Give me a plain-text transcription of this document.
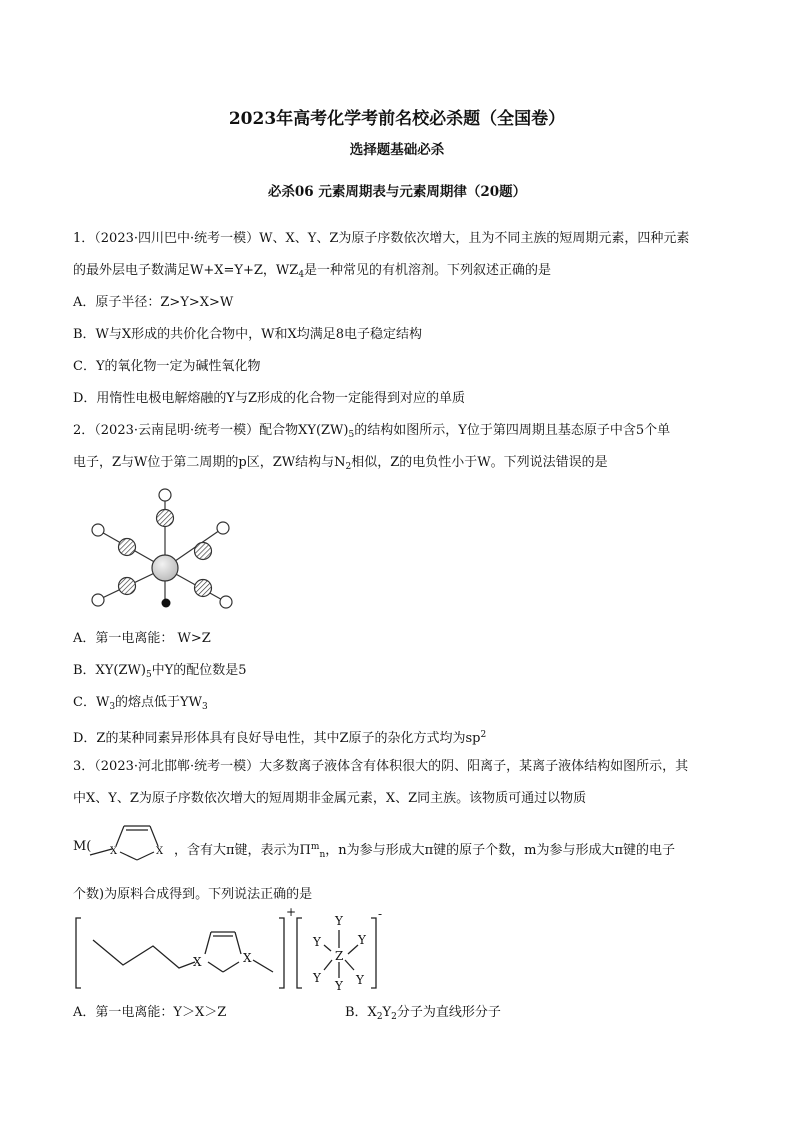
2023年高考化学考前名校必杀题（全国卷）
选择题基础必杀
必杀06 元素周期表与元素周期律（20题）
1．（2023·四川巴中·统考一模）W、X、Y、Z为原子序数依次增大，且为不同主族的短周期元素，四种元素
的最外层电子数满足W+X=Y+Z，$WZ_4$是一种常见的有机溶剂。下列叙述正确的是
A．原子半径：Z>Y>X>W
B．W与X形成的共价化合物中，W和X均满足8电子稳定结构
C．Y的氧化物一定为碱性氧化物
D．用惰性电极电解熔融的Y与Z形成的化合物一定能得到对应的单质
2．（2023·云南昆明·统考一模）配合物$XY(ZW)_5$的结构如图所示，Y位于第四周期且基态原子中含5个单
电子，Z与W位于第二周期的p区，ZW结构与$N_2$相似，Z的电负性小于W。下列说法错误的是
A．第一电离能： W>Z
B．$XY(ZW)_5$中Y的配位数是5
C．$W_3$的熔点低于$YW_3$
D．Z的某种同素异形体具有良好导电性，其中Z原子的杂化方式均为$sp^2$
3．（2023·河北邯郸·统考一模）大多数离子液体含有体积很大的阴、阳离子，某离子液体结构如图所示，其
中X、Y、Z为原子序数依次增大的短周期非金属元素，X、Z同主族。该物质可通过以物质
M( X	X ，含有大π键，表示为$\Pi^m_n$，n为参与形成大π键的原子个数，m为参与形成大π键的电子
个数)为原料合成得到。下列说法正确的是
X	X
+
Z
Y
Y	Y
Y
Y Y
-
A．第一电离能：Y＞X＞Z	B．$X_2Y_2$分子为直线形分子
